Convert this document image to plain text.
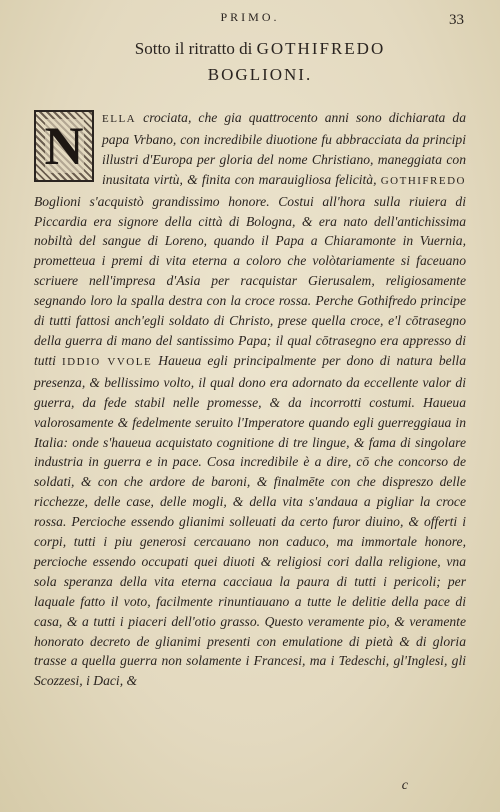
PRIMO.	33
Sotto il ritratto di GOTHIFREDO
BOGLIONI.
N ELLA crociata, che gia quattrocento anni sono dichiarata da papa Vrbano, con incredibile diuotione fu abbracciata da principi illustri d'Europa per gloria del nome Christiano, maneggiata con inusitata virtù, & finita con marauigliosa felicità, GOTHIFREDO Boglioni s'acquistò grandissimo honore. Costui all'hora sulla riuiera di Piccardia era signore della città di Bologna, & era nato dell'antichissima nobiltà del sangue di Loreno, quando il Papa a Chiaramonte in Vuernia, prometteua i premi di vita eterna a coloro che volòtariamente si faceuano scriuere nell'impresa d'Asia per racquistar Gierusalem, religiosamente segnando loro la spalla destra con la croce rossa. Perche Gothifredo principe di tutti fattosi anch'egli soldato di Christo, prese quella croce, e'l cōtrasegno della guerra di mano del santissimo Papa; il qual cōtrasegno era appresso di tutti IDDIO VVOLE Haueua egli principalmente per dono di natura bella presenza, & bellissimo volto, il qual dono era adornato da eccellente valor di guerra, da fede stabil nelle promesse, & da incorrotti costumi. Haueua valorosamente & fedelmente seruito l'Imperatore quando egli guerreggiaua in Italia: onde s'haueua acquistato cognitione di tre lingue, & fama di singolare industria in guerra e in pace. Cosa incredibile è a dire, cō che concorso de soldati, & con che ardore de baroni, & finalmēte con che dispreszo delle ricchezze, delle case, delle mogli, & della vita s'andaua a pigliar la croce rossa. Percioche essendo glianimi solleuati da certo furor diuino, & offerti i corpi, tutti i piu generosi cercauano non caduco, ma immortale honore, percioche essendo occupati quei diuoti & religiosi cori dalla religione, vna sola speranza della vita eterna cacciaua la paura di tutti i pericoli; per laquale fatto il voto, facilmente rinuntiauano a tutte le delitie della pace di casa, & a tutti i piaceri dell'otio grasso. Questo veramente pio, & veramente honorato decreto de glianimi presenti con emulatione di pietà & di gloria trasse a quella guerra non solamente i Francesi, ma i Tedeschi, gl'Inglesi, gli Scozzesi, i Daci, &
c
